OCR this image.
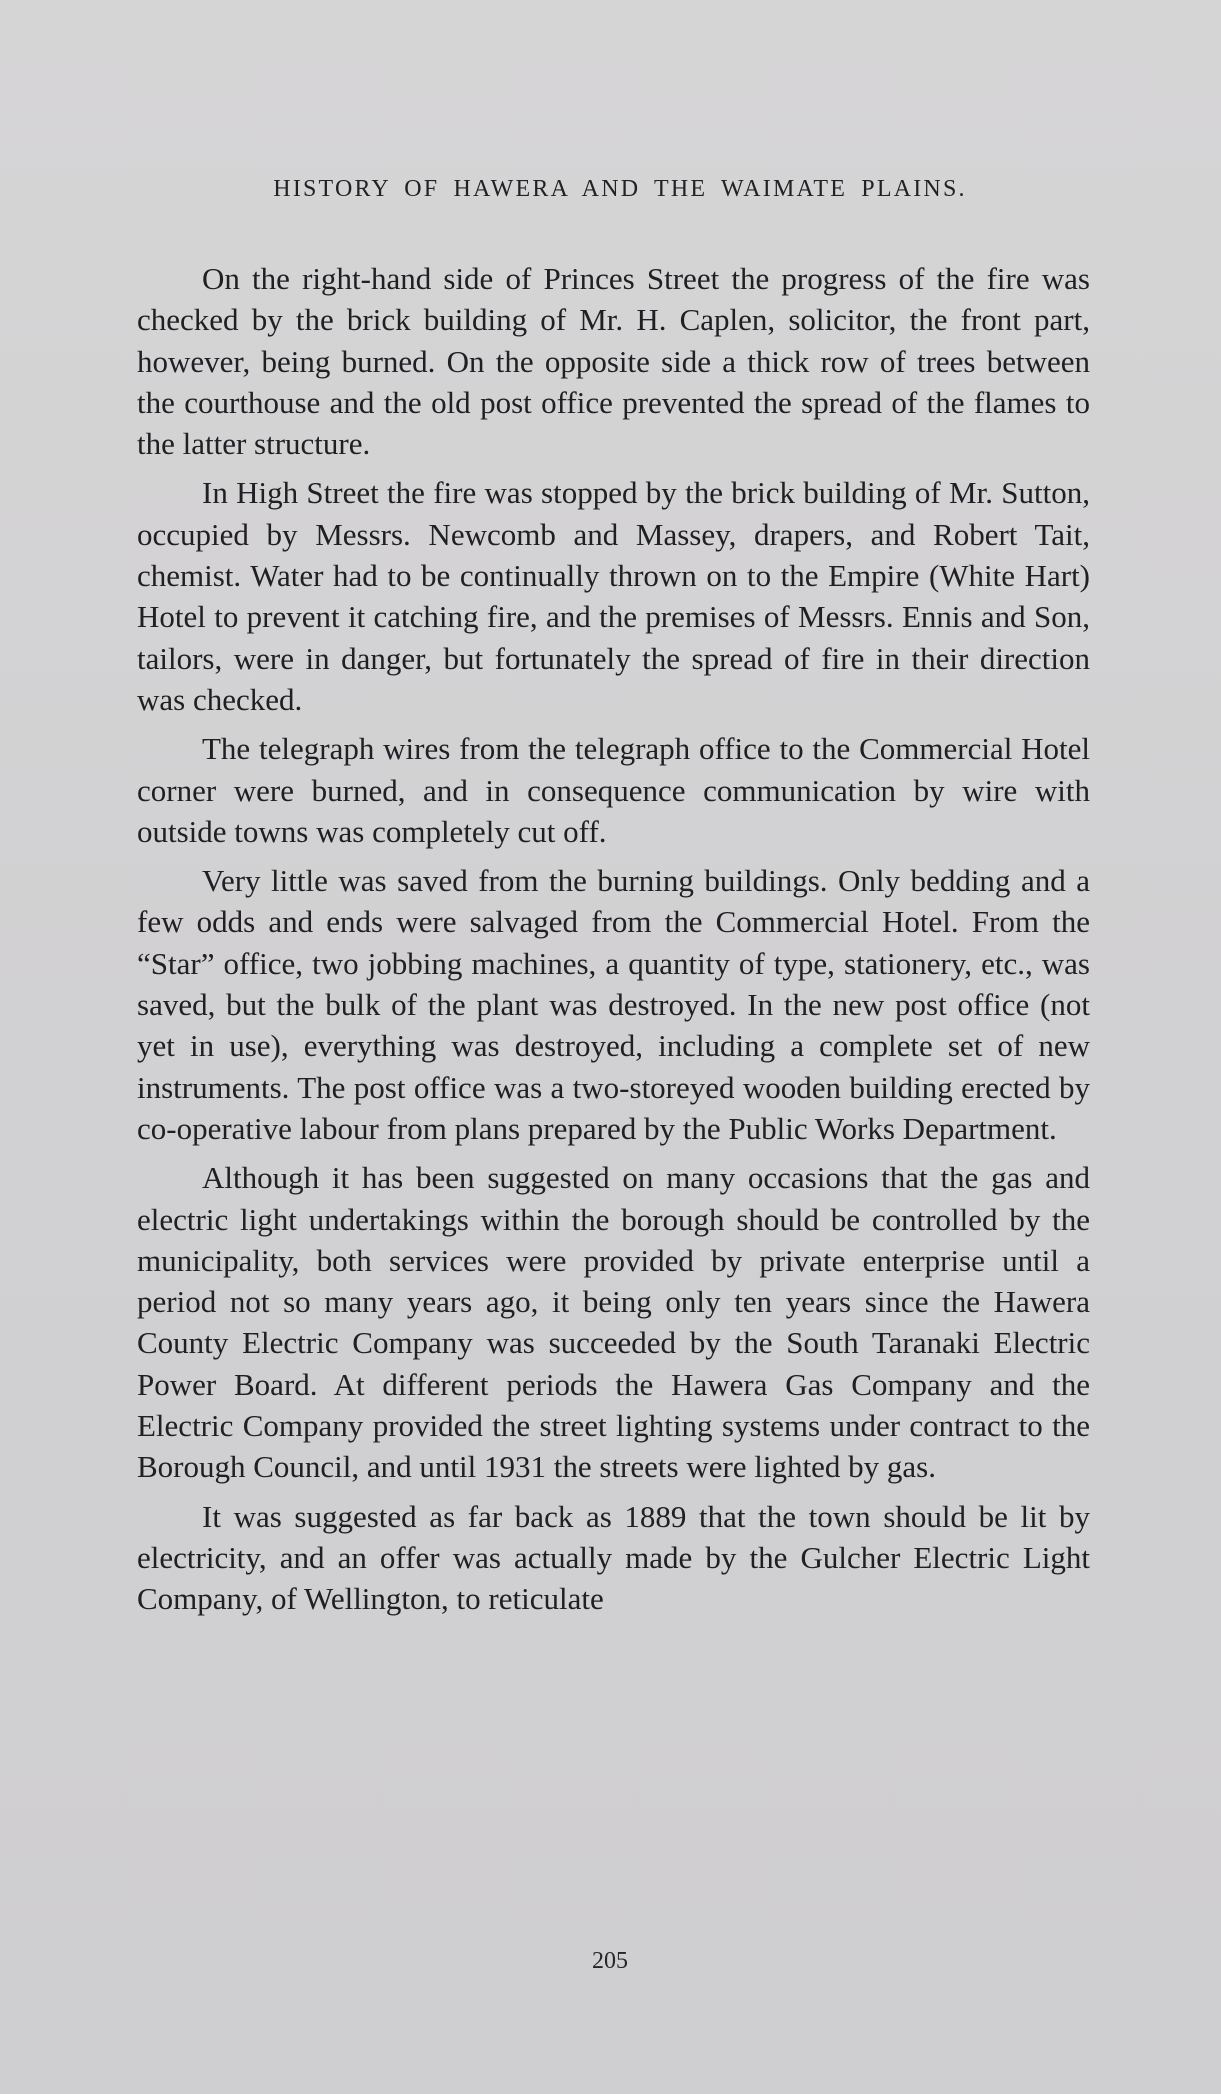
HISTORY OF HAWERA AND THE WAIMATE PLAINS.

On the right-hand side of Princes Street the progress of the fire was checked by the brick building of Mr. H. Caplen, solicitor, the front part, however, being burned. On the opposite side a thick row of trees between the courthouse and the old post office prevented the spread of the flames to the latter structure.

In High Street the fire was stopped by the brick building of Mr. Sutton, occupied by Messrs. Newcomb and Massey, drapers, and Robert Tait, chemist. Water had to be continually thrown on to the Empire (White Hart) Hotel to prevent it catching fire, and the premises of Messrs. Ennis and Son, tailors, were in danger, but fortunately the spread of fire in their direction was checked.

The telegraph wires from the telegraph office to the Commercial Hotel corner were burned, and in consequence communication by wire with outside towns was completely cut off.

Very little was saved from the burning buildings. Only bedding and a few odds and ends were salvaged from the Commercial Hotel. From the “Star” office, two jobbing machines, a quantity of type, stationery, etc., was saved, but the bulk of the plant was destroyed. In the new post office (not yet in use), everything was destroyed, including a complete set of new instruments. The post office was a two-storeyed wooden building erected by co-operative labour from plans prepared by the Public Works Department.

Although it has been suggested on many occasions that the gas and electric light undertakings within the borough should be controlled by the municipality, both services were provided by private enterprise until a period not so many years ago, it being only ten years since the Hawera County Electric Company was succeeded by the South Taranaki Electric Power Board. At different periods the Hawera Gas Company and the Electric Company provided the street lighting systems under contract to the Borough Council, and until 1931 the streets were lighted by gas.

It was suggested as far back as 1889 that the town should be lit by electricity, and an offer was actually made by the Gulcher Electric Light Company, of Wellington, to reticulate

205
